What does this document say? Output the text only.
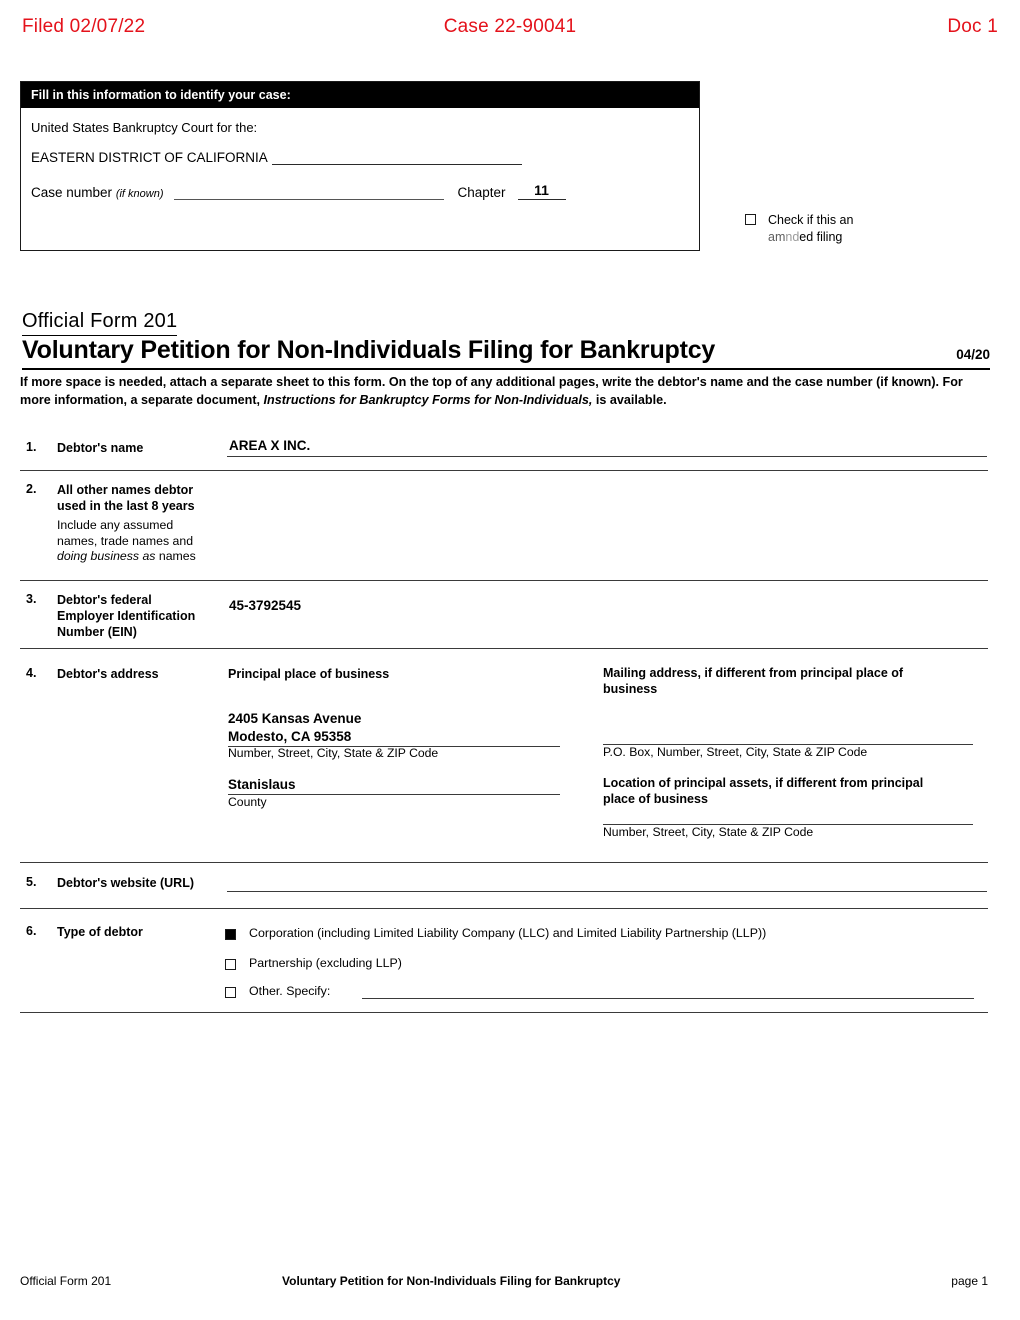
Filed 02/07/22	Case 22-90041	Doc 1
Fill in this information to identify your case:
United States Bankruptcy Court for the:
EASTERN DISTRICT OF CALIFORNIA
Case number (if known)	Chapter	11
Check if this an
amnded filing
Official Form 201
Voluntary Petition for Non-Individuals Filing for Bankruptcy	04/20
If more space is needed, attach a separate sheet to this form. On the top of any additional pages, write the debtor's name and the case number (if known). For more information, a separate document, Instructions for Bankruptcy Forms for Non-Individuals, is available.
1. Debtor's name	AREA X INC.
2. All other names debtor
used in the last 8 years
Include any assumed
names, trade names and
doing business as names
3. Debtor's federal
Employer Identification
Number (EIN)
45-3792545
4. Debtor's address	Principal place of business
2405 Kansas Avenue
Modesto, CA 95358
Number, Street, City, State & ZIP Code
Stanislaus
County
Mailing address, if different from principal place of
business
P.O. Box, Number, Street, City, State & ZIP Code
Location of principal assets, if different from principal
place of business
Number, Street, City, State & ZIP Code
5. Debtor's website (URL)
6. Type of debtor	Corporation (including Limited Liability Company (LLC) and Limited Liability Partnership (LLP))
Partnership (excluding LLP)
Other. Specify:
Official Form 201	Voluntary Petition for Non-Individuals Filing for Bankruptcy	page 1
